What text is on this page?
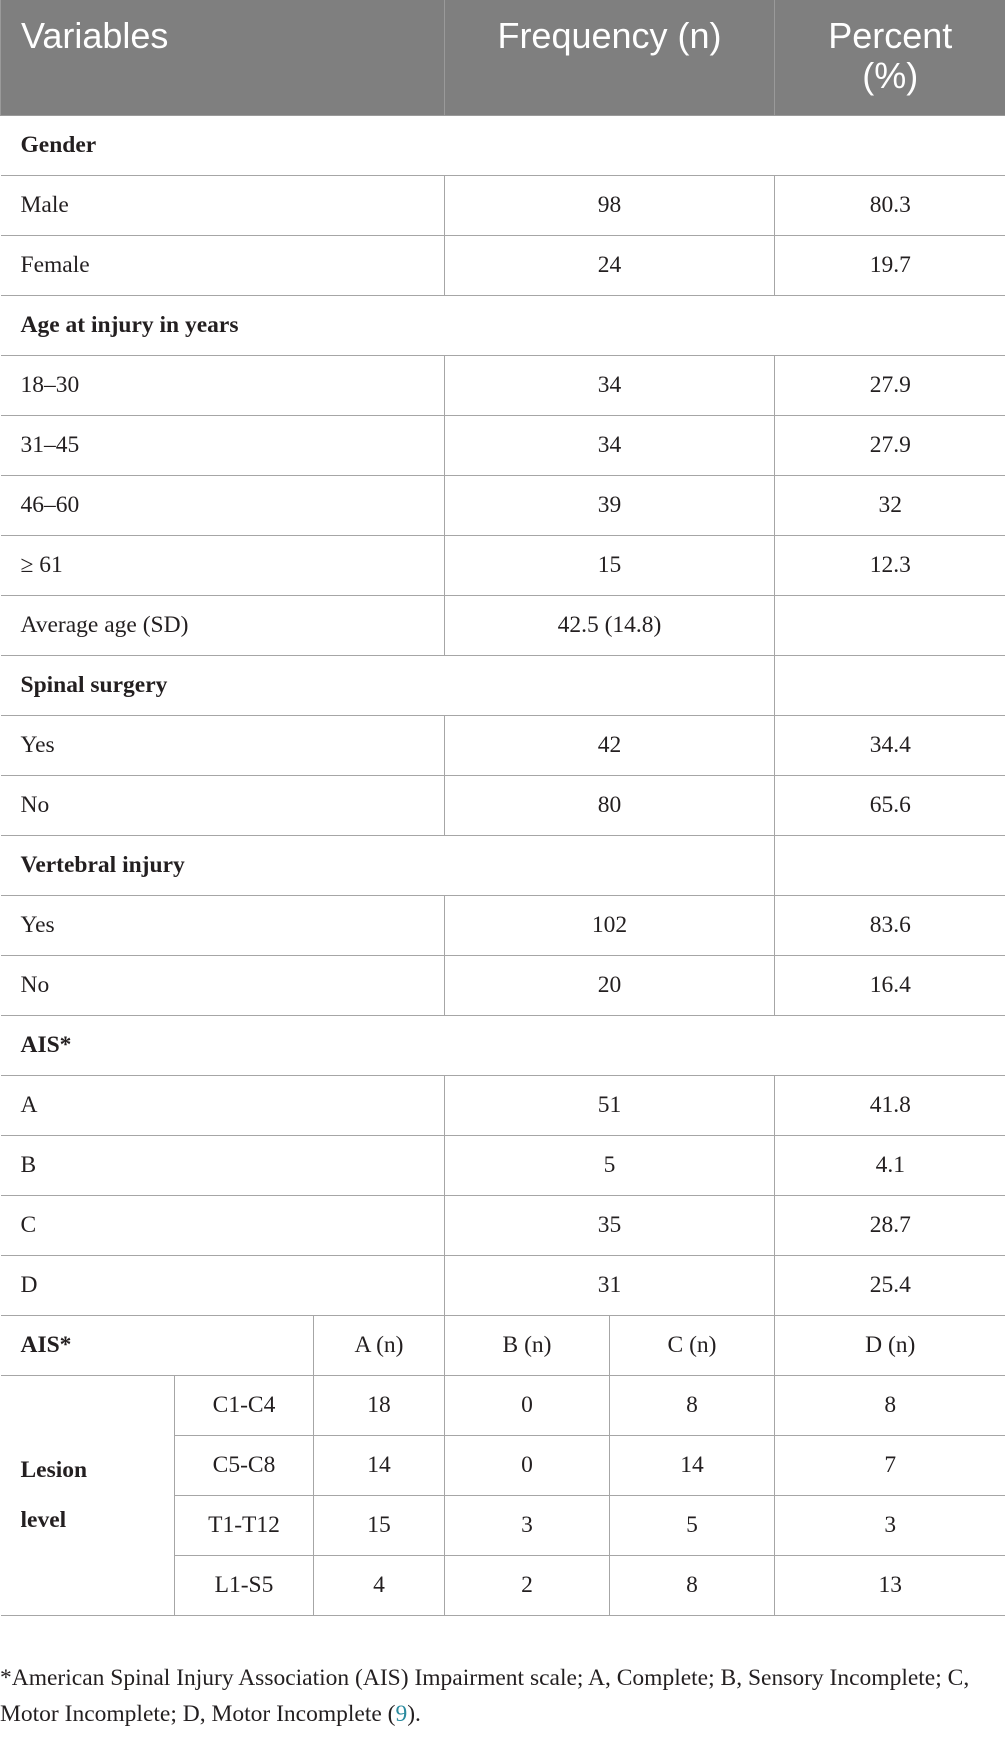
Variables			Frequency (n)		Percent
(%)
Gender					
Male			98		80.3
Female			24		19.7
Age at injury in years					
18–30			34		27.9
31–45			34		27.9
46–60			39		32
≥ 61			15		12.3
Average age (SD)			42.5 (14.8)		
Spinal surgery					
Yes			42		34.4
No			80		65.6
Vertebral injury					
Yes			102		83.6
No			20		16.4
AIS*					
A			51		41.8
B			5		4.1
C			35		28.7
D			31		25.4
AIS*		A (n)	B (n)	C (n)	D (n)
Lesion
level	C1-C4	18	0	8	8
	C5-C8	14	0	14	7
	T1-T12	15	3	5	3
	L1-S5	4	2	8	13
*American Spinal Injury Association (AIS) Impairment scale; A, Complete; B, Sensory Incomplete; C, Motor Incomplete; D, Motor Incomplete (9).
